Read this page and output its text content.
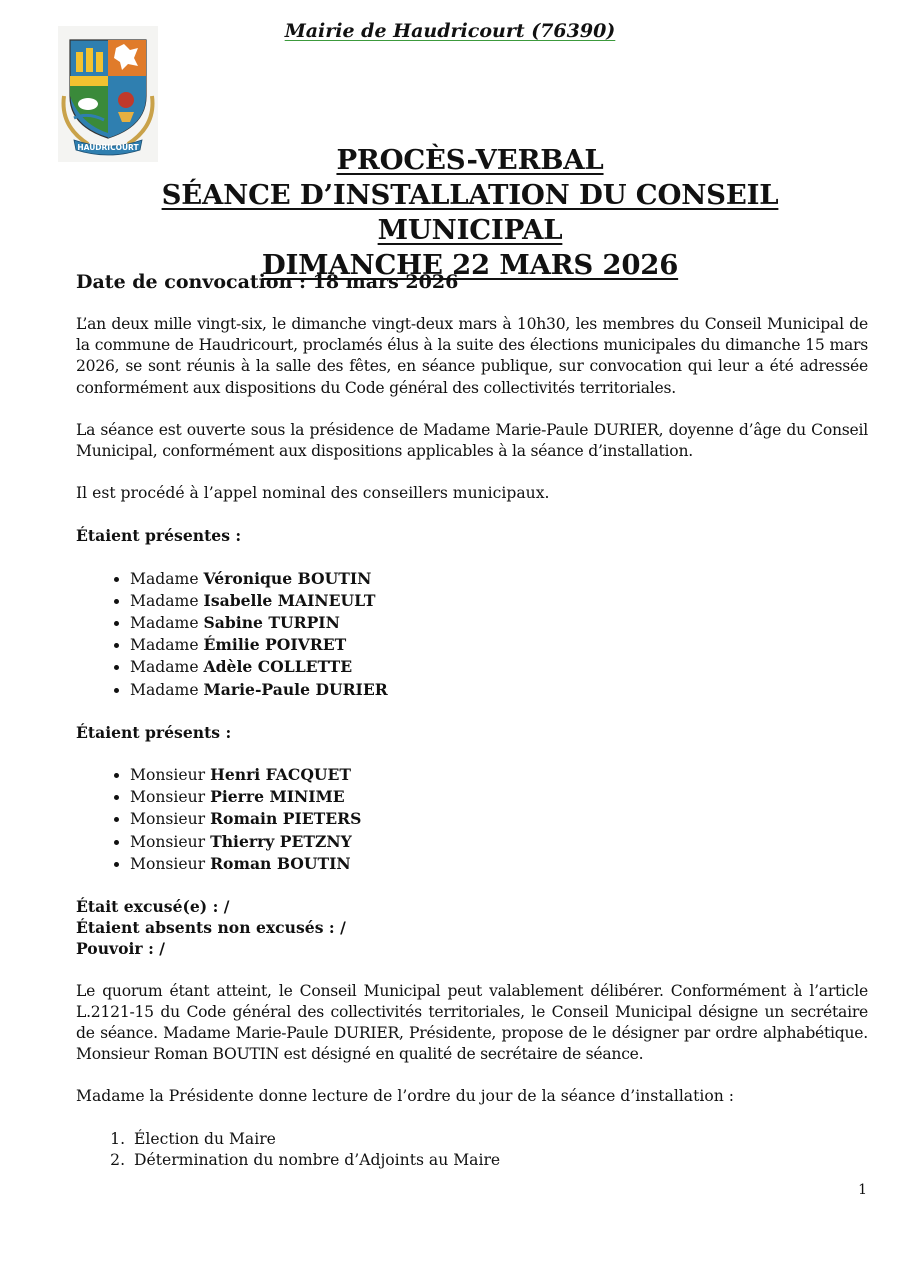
Mairie de Haudricourt (76390)
HAUDRICOURT	PROCÈS-VERBAL
SÉANCE D’INSTALLATION DU CONSEIL MUNICIPAL
DIMANCHE 22 MARS 2026
Date de convocation : 18 mars 2026

L’an deux mille vingt-six, le dimanche vingt-deux mars à 10h30, les membres du Conseil Municipal de la commune de Haudricourt, proclamés élus à la suite des élections municipales du dimanche 15 mars 2026, se sont réunis à la salle des fêtes, en séance publique, sur convocation qui leur a été adressée conformément aux dispositions du Code général des collectivités territoriales.

La séance est ouverte sous la présidence de Madame Marie-Paule DURIER, doyenne d’âge du Conseil Municipal, conformément aux dispositions applicables à la séance d’installation.

Il est procédé à l’appel nominal des conseillers municipaux.

Étaient présentes :
• Madame Véronique BOUTIN
• Madame Isabelle MAINEULT
• Madame Sabine TURPIN
• Madame Émilie POIVRET
• Madame Adèle COLLETTE
• Madame Marie-Paule DURIER
Étaient présents :
• Monsieur Henri FACQUET
• Monsieur Pierre MINIME
• Monsieur Romain PIETERS
• Monsieur Thierry PETZNY
• Monsieur Roman BOUTIN
Était excusé(e) : /
Étaient absents non excusés : /
Pouvoir : /

Le quorum étant atteint, le Conseil Municipal peut valablement délibérer. Conformément à l’article L.2121-15 du Code général des collectivités territoriales, le Conseil Municipal désigne un secrétaire de séance. Madame Marie-Paule DURIER, Présidente, propose de le désigner par ordre alphabétique. Monsieur Roman BOUTIN est désigné en qualité de secrétaire de séance.

Madame la Présidente donne lecture de l’ordre du jour de la séance d’installation :

1. Élection du Maire
2. Détermination du nombre d’Adjoints au Maire
1
